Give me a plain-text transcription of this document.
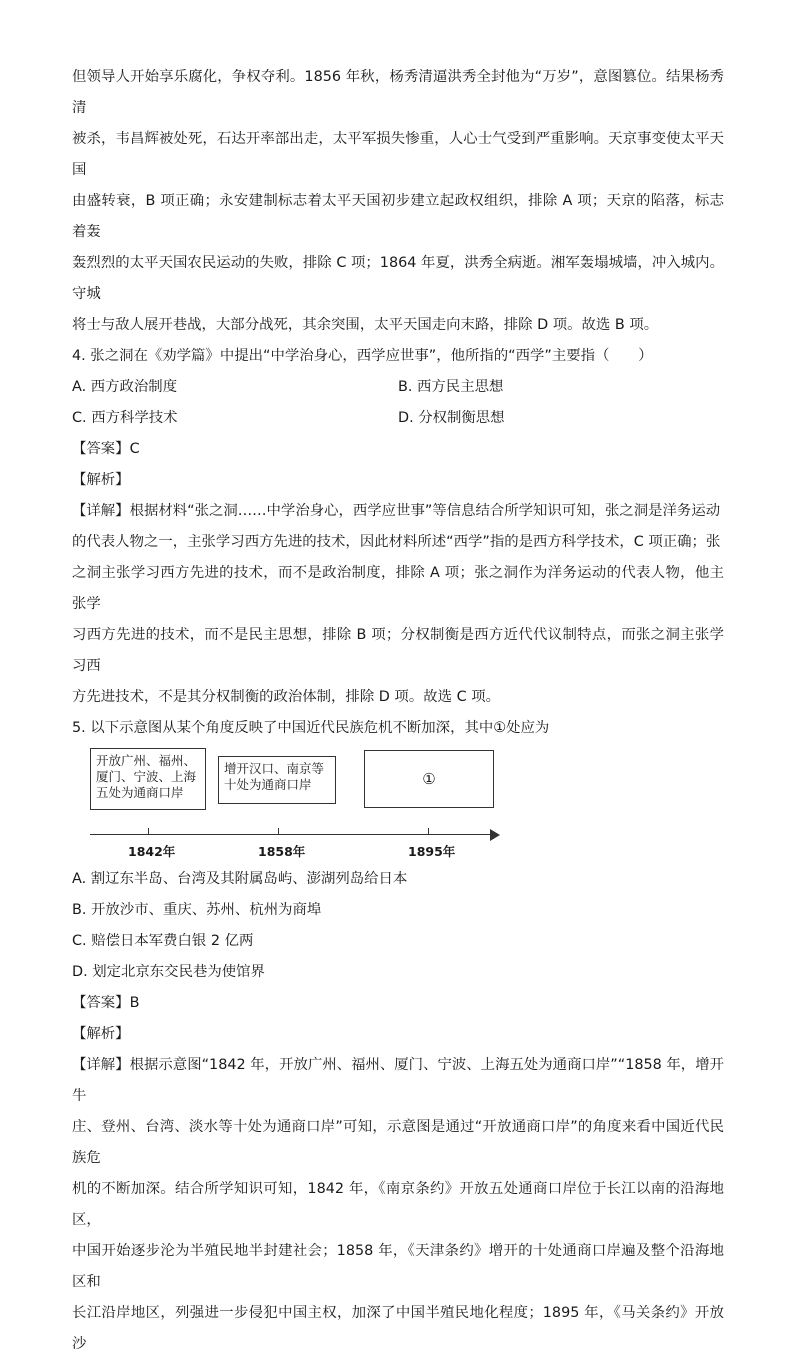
但领导人开始享乐腐化，争权夺利。1856 年秋，杨秀清逼洪秀全封他为“万岁”，意图篡位。结果杨秀清

被杀，韦昌辉被处死，石达开率部出走，太平军损失惨重，人心士气受到严重影响。天京事变使太平天国

由盛转衰，B 项正确；永安建制标志着太平天国初步建立起政权组织，排除 A 项；天京的陷落，标志着轰

轰烈烈的太平天国农民运动的失败，排除 C 项；1864 年夏，洪秀全病逝。湘军轰塌城墙，冲入城内。守城

将士与敌人展开巷战，大部分战死，其余突围，太平天国走向末路，排除 D 项。故选 B 项。

4. 张之洞在《劝学篇》中提出“中学治身心，西学应世事”，他所指的“西学”主要指（　　）

A. 西方政治制度	B. 西方民主思想
C. 西方科学技术	D. 分权制衡思想
【答案】C
【解析】

【详解】根据材料“张之洞……中学治身心，西学应世事”等信息结合所学知识可知，张之洞是洋务运动

的代表人物之一，主张学习西方先进的技术，因此材料所述“西学”指的是西方科学技术，C 项正确；张

之洞主张学习西方先进的技术，而不是政治制度，排除 A 项；张之洞作为洋务运动的代表人物，他主张学

习西方先进的技术，而不是民主思想，排除 B 项；分权制衡是西方近代代议制特点，而张之洞主张学习西

方先进技术，不是其分权制衡的政治体制，排除 D 项。故选 C 项。

5. 以下示意图从某个角度反映了中国近代民族危机不断加深，其中①处应为

开放广州、福州、
厦门、宁波、上海
五处为通商口岸
增开汉口、南京等
十处为通商口岸	①
1842年	1858年	1895年
A. 割辽东半岛、台湾及其附属岛屿、澎湖列岛给日本
B. 开放沙市、重庆、苏州、杭州为商埠
C. 赔偿日本军费白银 2 亿两
D. 划定北京东交民巷为使馆界
【答案】B
【解析】

【详解】根据示意图“1842 年，开放广州、福州、厦门、宁波、上海五处为通商口岸”“1858 年，增开牛

庄、登州、台湾、淡水等十处为通商口岸”可知，示意图是通过“开放通商口岸”的角度来看中国近代民族危

机的不断加深。结合所学知识可知，1842 年，《南京条约》开放五处通商口岸位于长江以南的沿海地区，

中国开始逐步沦为半殖民地半封建社会；1858 年，《天津条约》增开的十处通商口岸遍及整个沿海地区和

长江沿岸地区，列强进一步侵犯中国主权，加深了中国半殖民地化程度；1895 年，《马关条约》开放沙
